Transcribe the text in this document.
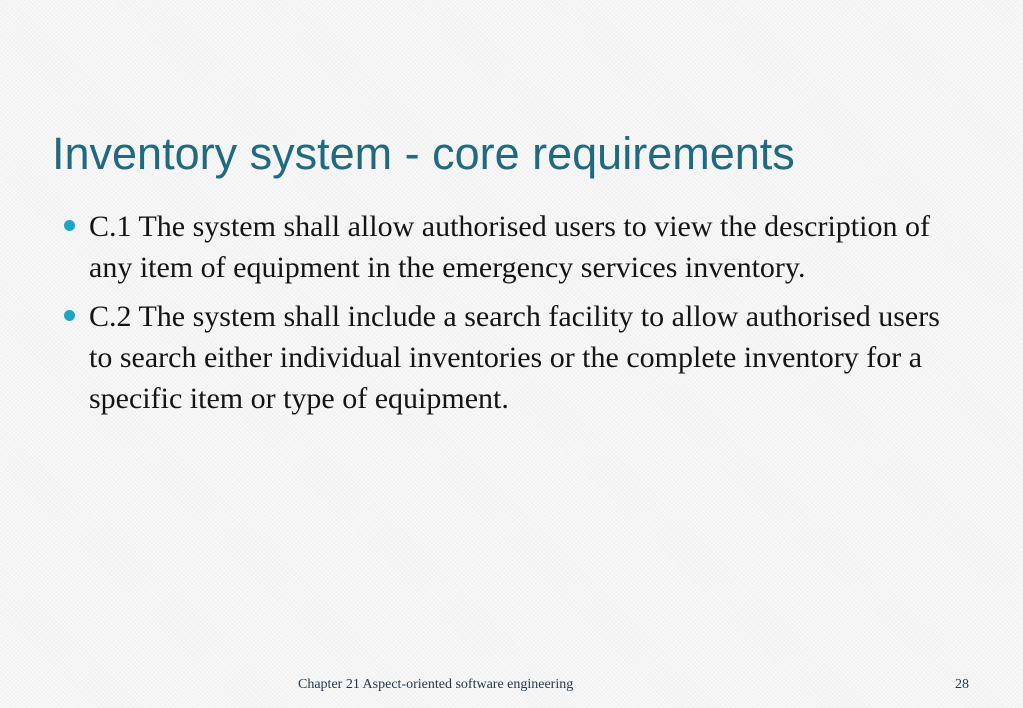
Inventory system - core requirements
C.1 The system shall allow authorised users to view the description of any item of equipment in the emergency services inventory.
C.2 The system shall include a search facility to allow authorised users to search either individual inventories or the complete inventory for a specific item or type of equipment.
Chapter 21 Aspect-oriented software engineering	28
